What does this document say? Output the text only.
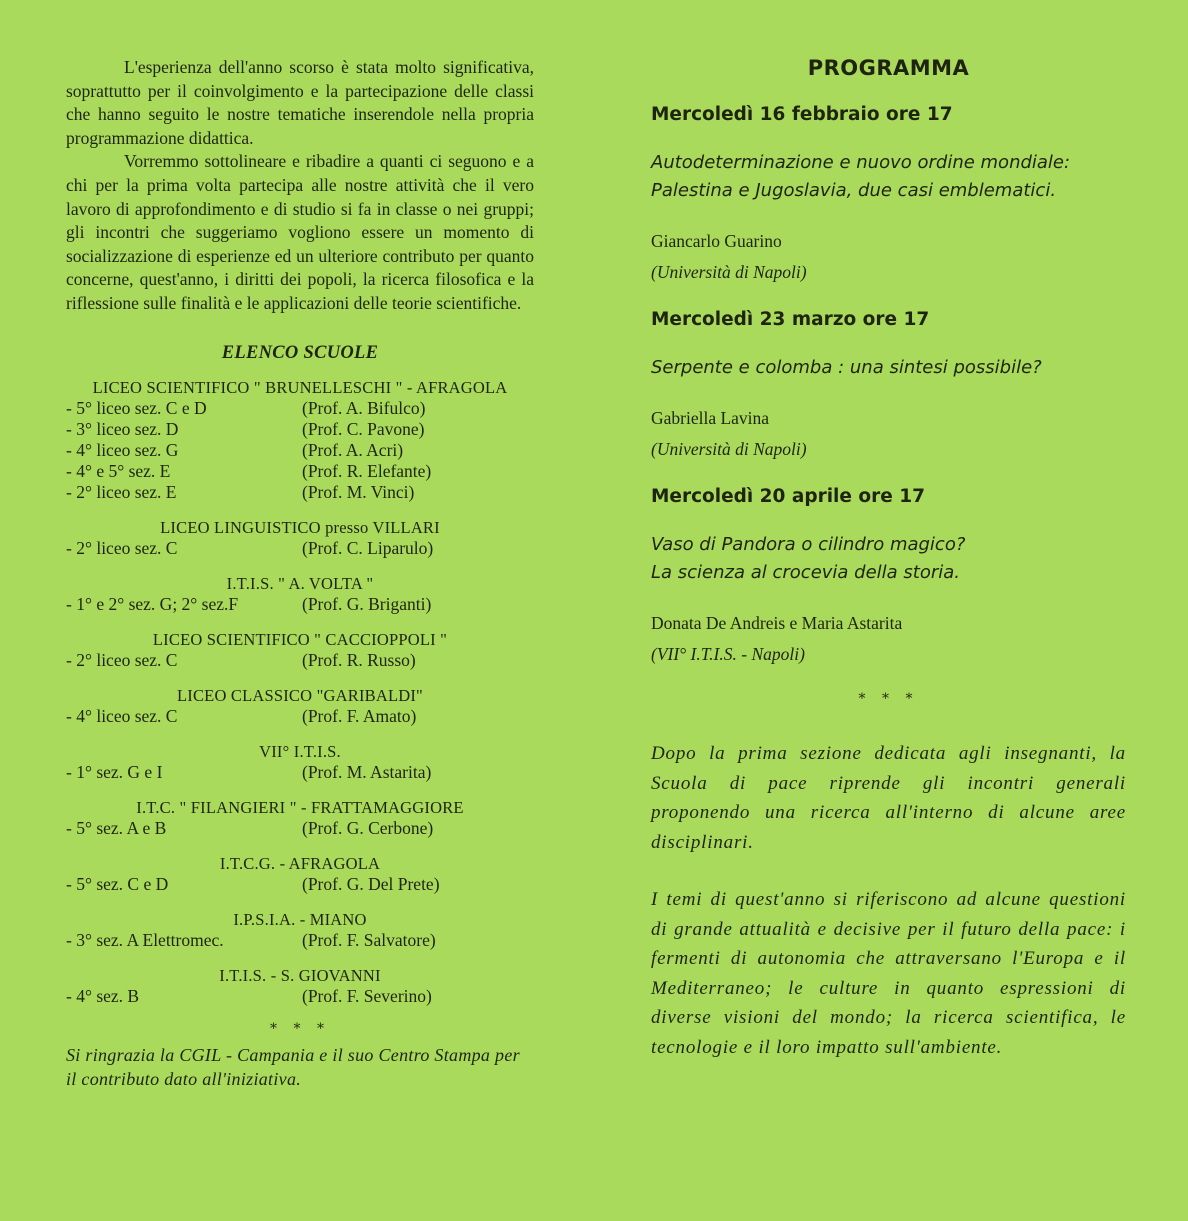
L'esperienza dell'anno scorso è stata molto significativa, soprattutto per il coinvolgimento e la partecipazione delle classi che hanno seguito le nostre tematiche inserendole nella propria programmazione didattica.

Vorremmo sottolineare e ribadire a quanti ci seguono e a chi per la prima volta partecipa alle nostre attività che il vero lavoro di approfondimento e di studio si fa in classe o nei gruppi; gli incontri che suggeriamo vogliono essere un momento di socializzazione di esperienze ed un ulteriore contributo per quanto concerne, quest'anno, i diritti dei popoli, la ricerca filosofica e la riflessione sulle finalità e le applicazioni delle teorie scientifiche.

ELENCO SCUOLE
LICEO SCIENTIFICO " BRUNELLESCHI " - AFRAGOLA
- 5° liceo sez. C e D	(Prof. A. Bifulco)
- 3° liceo sez. D	(Prof. C. Pavone)
- 4° liceo sez. G	(Prof. A. Acri)
- 4° e 5° sez. E	(Prof. R. Elefante)
- 2° liceo sez. E	(Prof. M. Vinci)
LICEO LINGUISTICO presso VILLARI
- 2° liceo sez. C	(Prof. C. Liparulo)
I.T.I.S. " A. VOLTA "
- 1° e 2° sez. G; 2° sez.F	(Prof. G. Briganti)
LICEO SCIENTIFICO " CACCIOPPOLI "
- 2° liceo sez. C	(Prof. R. Russo)
LICEO CLASSICO "GARIBALDI"
- 4° liceo sez. C	(Prof. F. Amato)
VII° I.T.I.S.
- 1° sez. G e I	(Prof. M. Astarita)
I.T.C. " FILANGIERI " - FRATTAMAGGIORE
- 5° sez. A e B	(Prof. G. Cerbone)
I.T.C.G. - AFRAGOLA
- 5° sez. C e D	(Prof. G. Del Prete)
I.P.S.I.A. - MIANO
- 3° sez. A Elettromec.	(Prof. F. Salvatore)
I.T.I.S. - S. GIOVANNI
- 4° sez. B	(Prof. F. Severino)
* * *
Si ringrazia la CGIL - Campania e il suo Centro Stampa per il contributo dato all'iniziativa.
PROGRAMMA
Mercoledì 16 febbraio ore 17
Autodeterminazione e nuovo ordine mondiale:
Palestina e Jugoslavia, due casi emblematici.
Giancarlo Guarino
(Università di Napoli)
Mercoledì 23 marzo ore 17
Serpente e colomba : una sintesi possibile?
Gabriella Lavina
(Università di Napoli)
Mercoledì 20 aprile ore 17
Vaso di Pandora o cilindro magico?
La scienza al crocevia della storia.
Donata De Andreis e Maria Astarita
(VII° I.T.I.S. - Napoli)
* * *

Dopo la prima sezione dedicata agli insegnanti, la Scuola di pace riprende gli incontri generali proponendo una ricerca all'interno di alcune aree disciplinari.

I temi di quest'anno si riferiscono ad alcune questioni di grande attualità e decisive per il futuro della pace: i fermenti di autonomia che attraversano l'Europa e il Mediterraneo; le culture in quanto espressioni di diverse visioni del mondo; la ricerca scientifica, le tecnologie e il loro impatto sull'ambiente.
